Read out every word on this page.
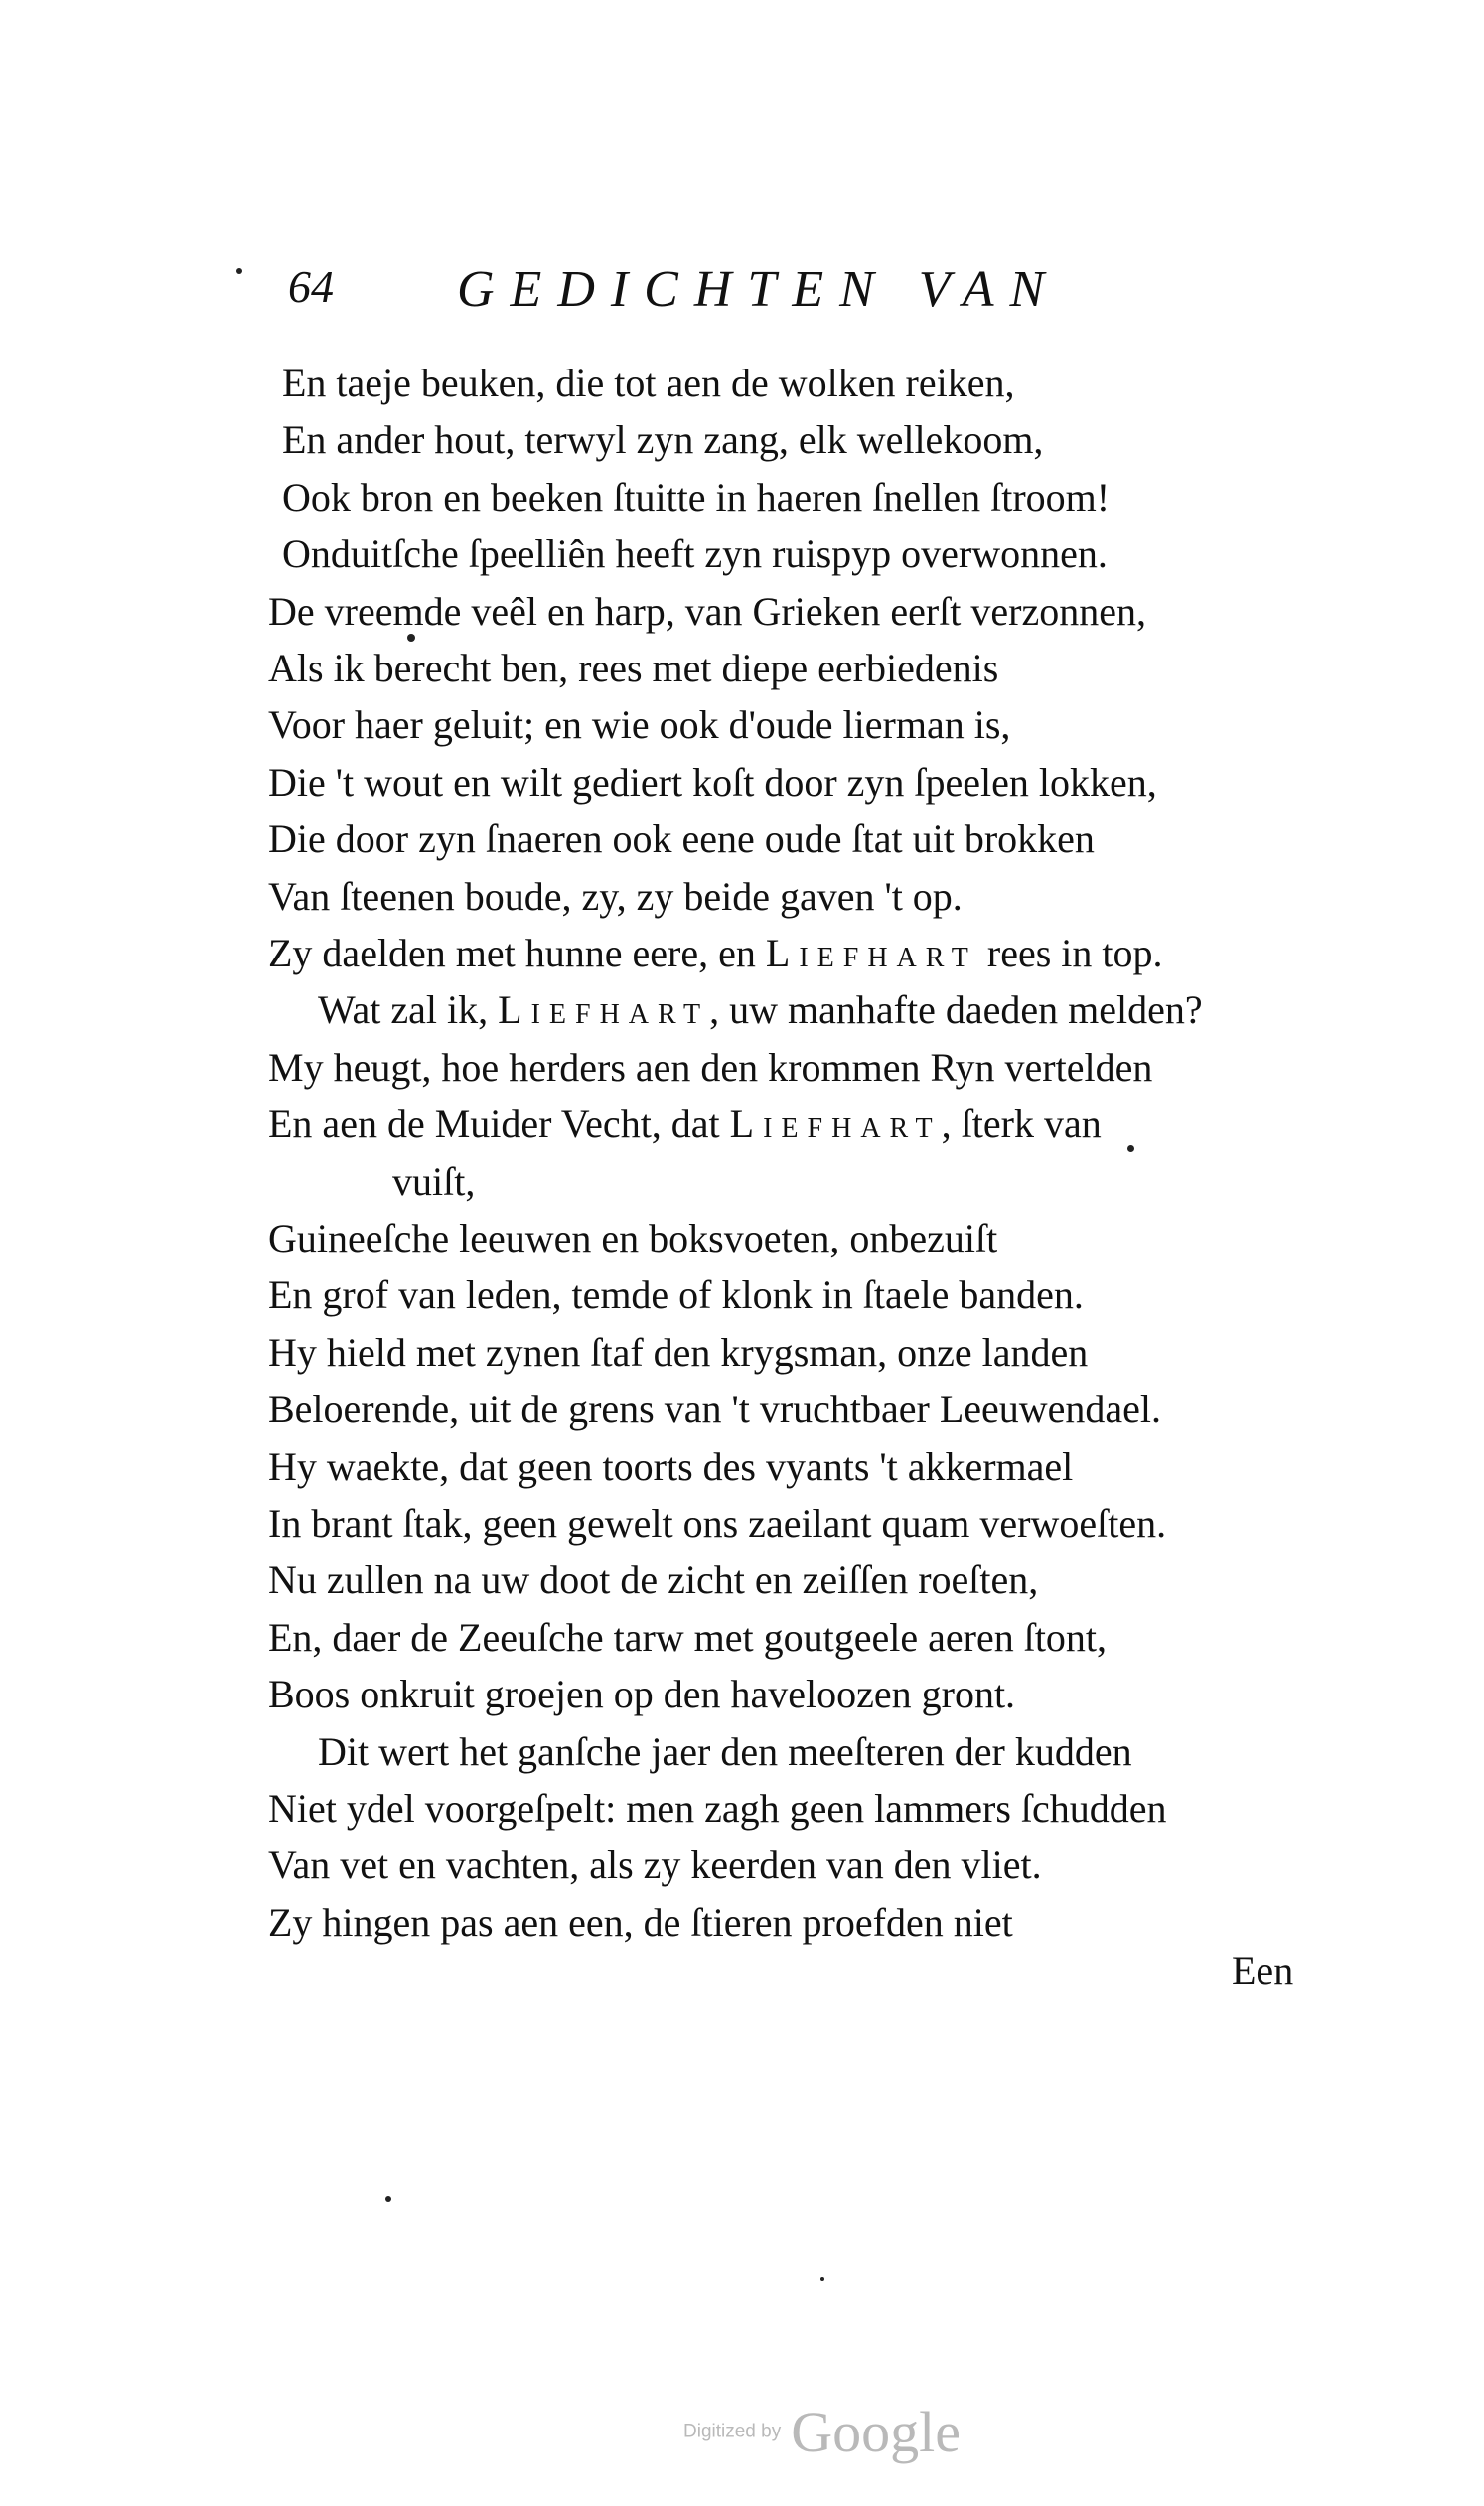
64 GEDICHTEN VAN
En taeje beuken, die tot aen de wolken reiken,
En ander hout, terwyl zyn zang, elk wellekoom,
Ook bron en beeken ſtuitte in haeren ſnellen ſtroom!
Onduitſche ſpeelliên heeft zyn ruispyp overwonnen.
De vreemde veêl en harp, van Grieken eerſt verzonnen,
Als ik berecht ben, rees met diepe eerbiedenis
Voor haer geluit; en wie ook d'oude lierman is,
Die 't wout en wilt gediert koſt door zyn ſpeelen lokken,
Die door zyn ſnaeren ook eene oude ſtat uit brokken
Van ſteenen boude, zy, zy beide gaven 't op.
Zy daelden met hunne eere, en Liefhart rees in top.
Wat zal ik, Liefhart, uw manhafte daeden melden?
My heugt, hoe herders aen den krommen Ryn vertelden
En aen de Muider Vecht, dat Liefhart, ſterk van
vuiſt,
Guineeſche leeuwen en boksvoeten, onbezuiſt
En grof van leden, temde of klonk in ſtaele banden.
Hy hield met zynen ſtaf den krygsman, onze landen
Beloerende, uit de grens van 't vruchtbaer Leeuwendael.
Hy waekte, dat geen toorts des vyants 't akkermael
In brant ſtak, geen gewelt ons zaeilant quam verwoeſten.
Nu zullen na uw doot de zicht en zeiſſen roeſten,
En, daer de Zeeuſche tarw met goutgeele aeren ſtont,
Boos onkruit groejen op den haveloozen gront.
Dit wert het ganſche jaer den meeſteren der kudden
Niet ydel voorgeſpelt: men zagh geen lammers ſchudden
Van vet en vachten, als zy keerden van den vliet.
Zy hingen pas aen een, de ſtieren proefden niet
Een
Digitized by Google
